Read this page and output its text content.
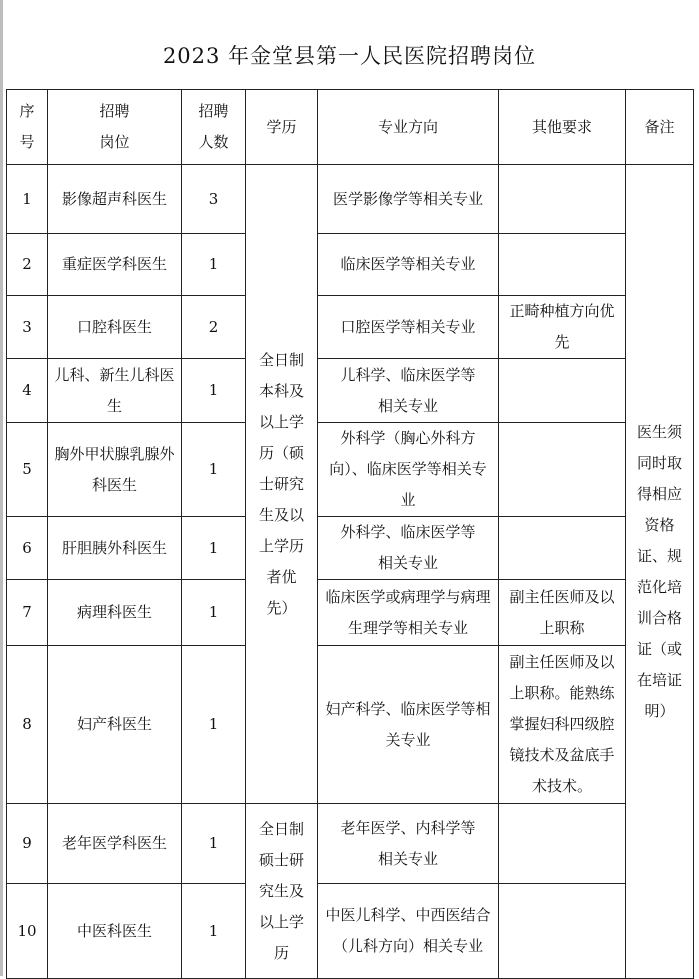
2023 年金堂县第一人民医院招聘岗位
序号	招聘岗位	招聘人数	学历	专业方向	其他要求	备注
1	影像超声科医生	3	全日制本科及以上学历（硕士研究生及以上学历者优先）	医学影像学等相关专业		医生须同时取得相应资格证、规范化培训合格证（或在培证明）
2	重症医学科医生	1		临床医学等相关专业		
3	口腔科医生	2		口腔医学等相关专业	正畸种植方向优先	
4	儿科、新生儿科医生	1		儿科学、临床医学等相关专业		
5	胸外甲状腺乳腺外科医生	1		外科学（胸心外科方向）、临床医学等相关专业		
6	肝胆胰外科医生	1		外科学、临床医学等相关专业		
7	病理科医生	1		临床医学或病理学与病理生理学等相关专业	副主任医师及以上职称	
8	妇产科医生	1		妇产科学、临床医学等相关专业	副主任医师及以上职称。能熟练掌握妇科四级腔镜技术及盆底手术技术。	
9	老年医学科医生	1	全日制硕士研究生及以上学历	老年医学、内科学等相关专业		
10	中医科医生	1		中医儿科学、中西医结合（儿科方向）相关专业		
